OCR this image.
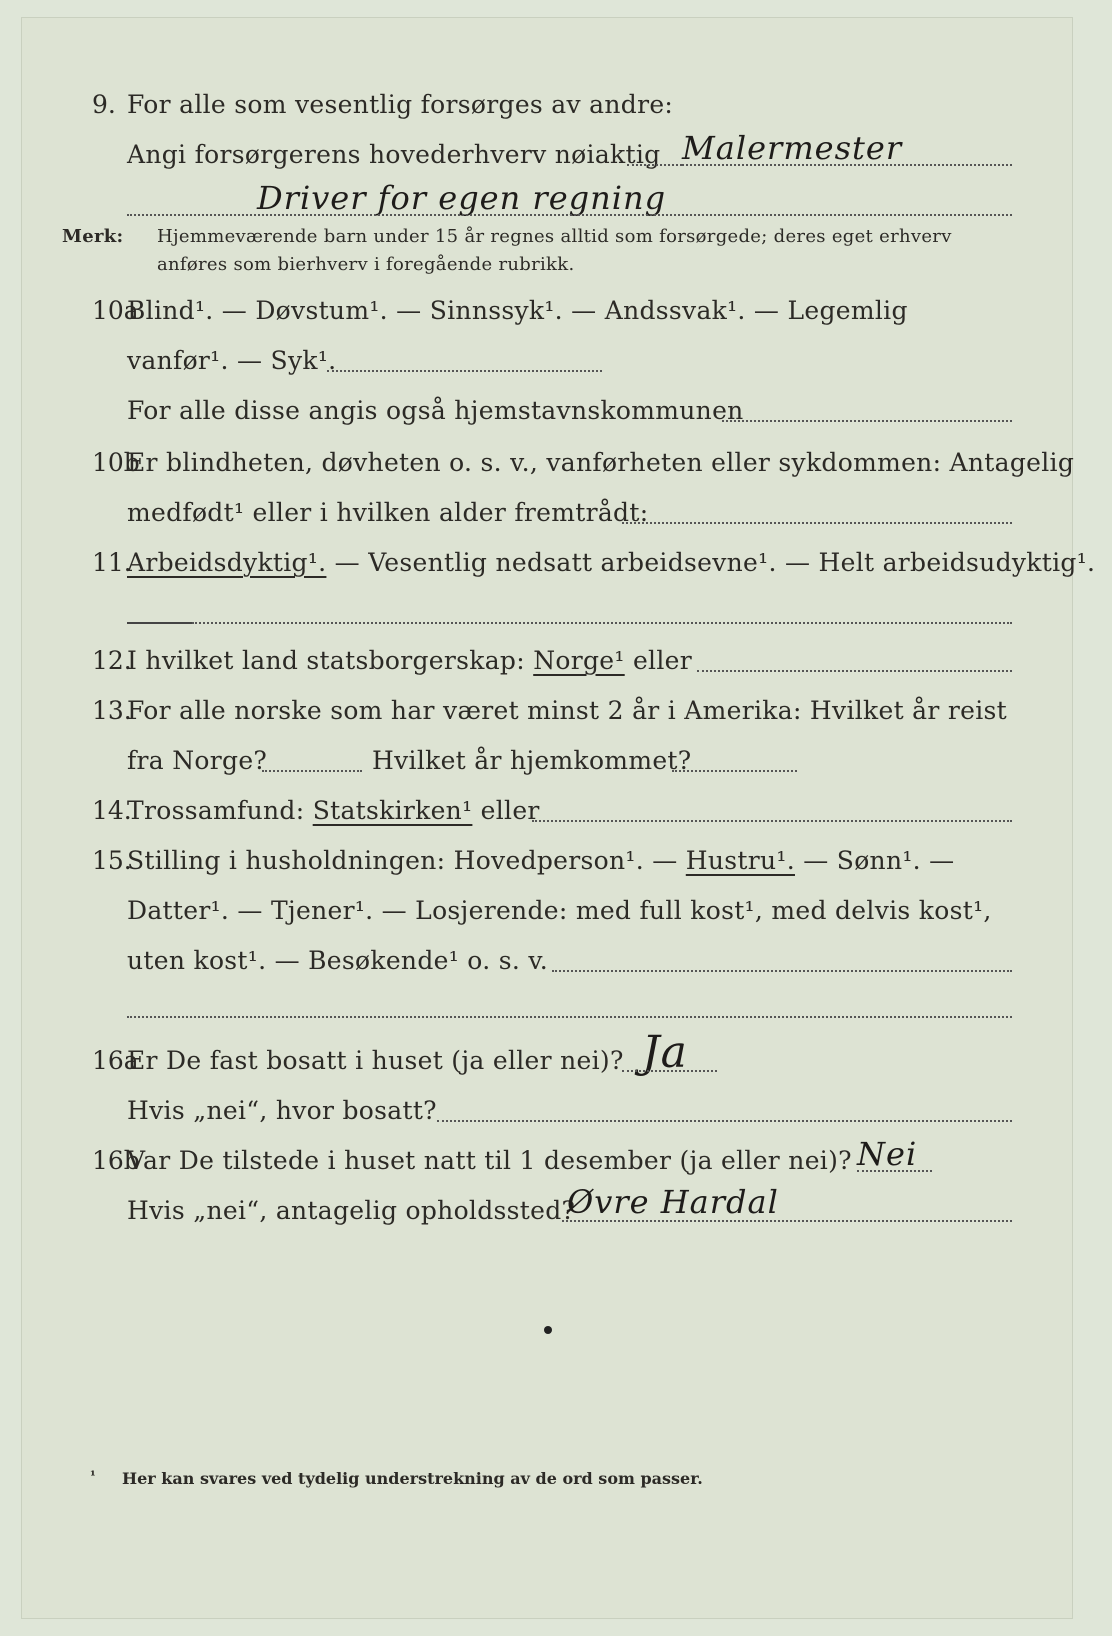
9. For alle som vesentlig forsørges av andre:
Angi forsørgerens hovederhverv nøiaktig Malermester
Driver for egen regning
Merk: Hjemmeværende barn under 15 år regnes alltid som forsørgede; deres eget erhverv
anføres som bierhverv i foregående rubrikk.
10a
Blind¹. — Døvstum¹. — Sinnssyk¹. — Andssvak¹. — Legemlig
vanfør¹. — Syk¹.
For alle disse angis også hjemstavnskommunen
10b
Er blindheten, døvheten o. s. v., vanførheten eller sykdommen: Antagelig
medfødt¹ eller i hvilken alder fremtrådt:
11.
Arbeidsdyktig¹. — Vesentlig nedsatt arbeidsevne¹. — Helt arbeidsudyktig¹.
12.
I hvilket land statsborgerskap: Norge¹ eller
13.
For alle norske som har været minst 2 år i Amerika: Hvilket år reist
fra Norge?	Hvilket år hjemkommet?
14.
Trossamfund: Statskirken¹ eller
15.
Stilling i husholdningen: Hovedperson¹. — Hustru¹. — Sønn¹. —
Datter¹. — Tjener¹. — Losjerende: med full kost¹, med delvis kost¹,
uten kost¹. — Besøkende¹ o. s. v.
16a
Er De fast bosatt i huset (ja eller nei)? Ja
Hvis „nei“, hvor bosatt?
16b
Var De tilstede i huset natt til 1 desember (ja eller nei)? Nei
Hvis „nei“, antagelig opholdssted?
Øvre Hardal
¹ Her kan svares ved tydelig understrekning av de ord som passer.
